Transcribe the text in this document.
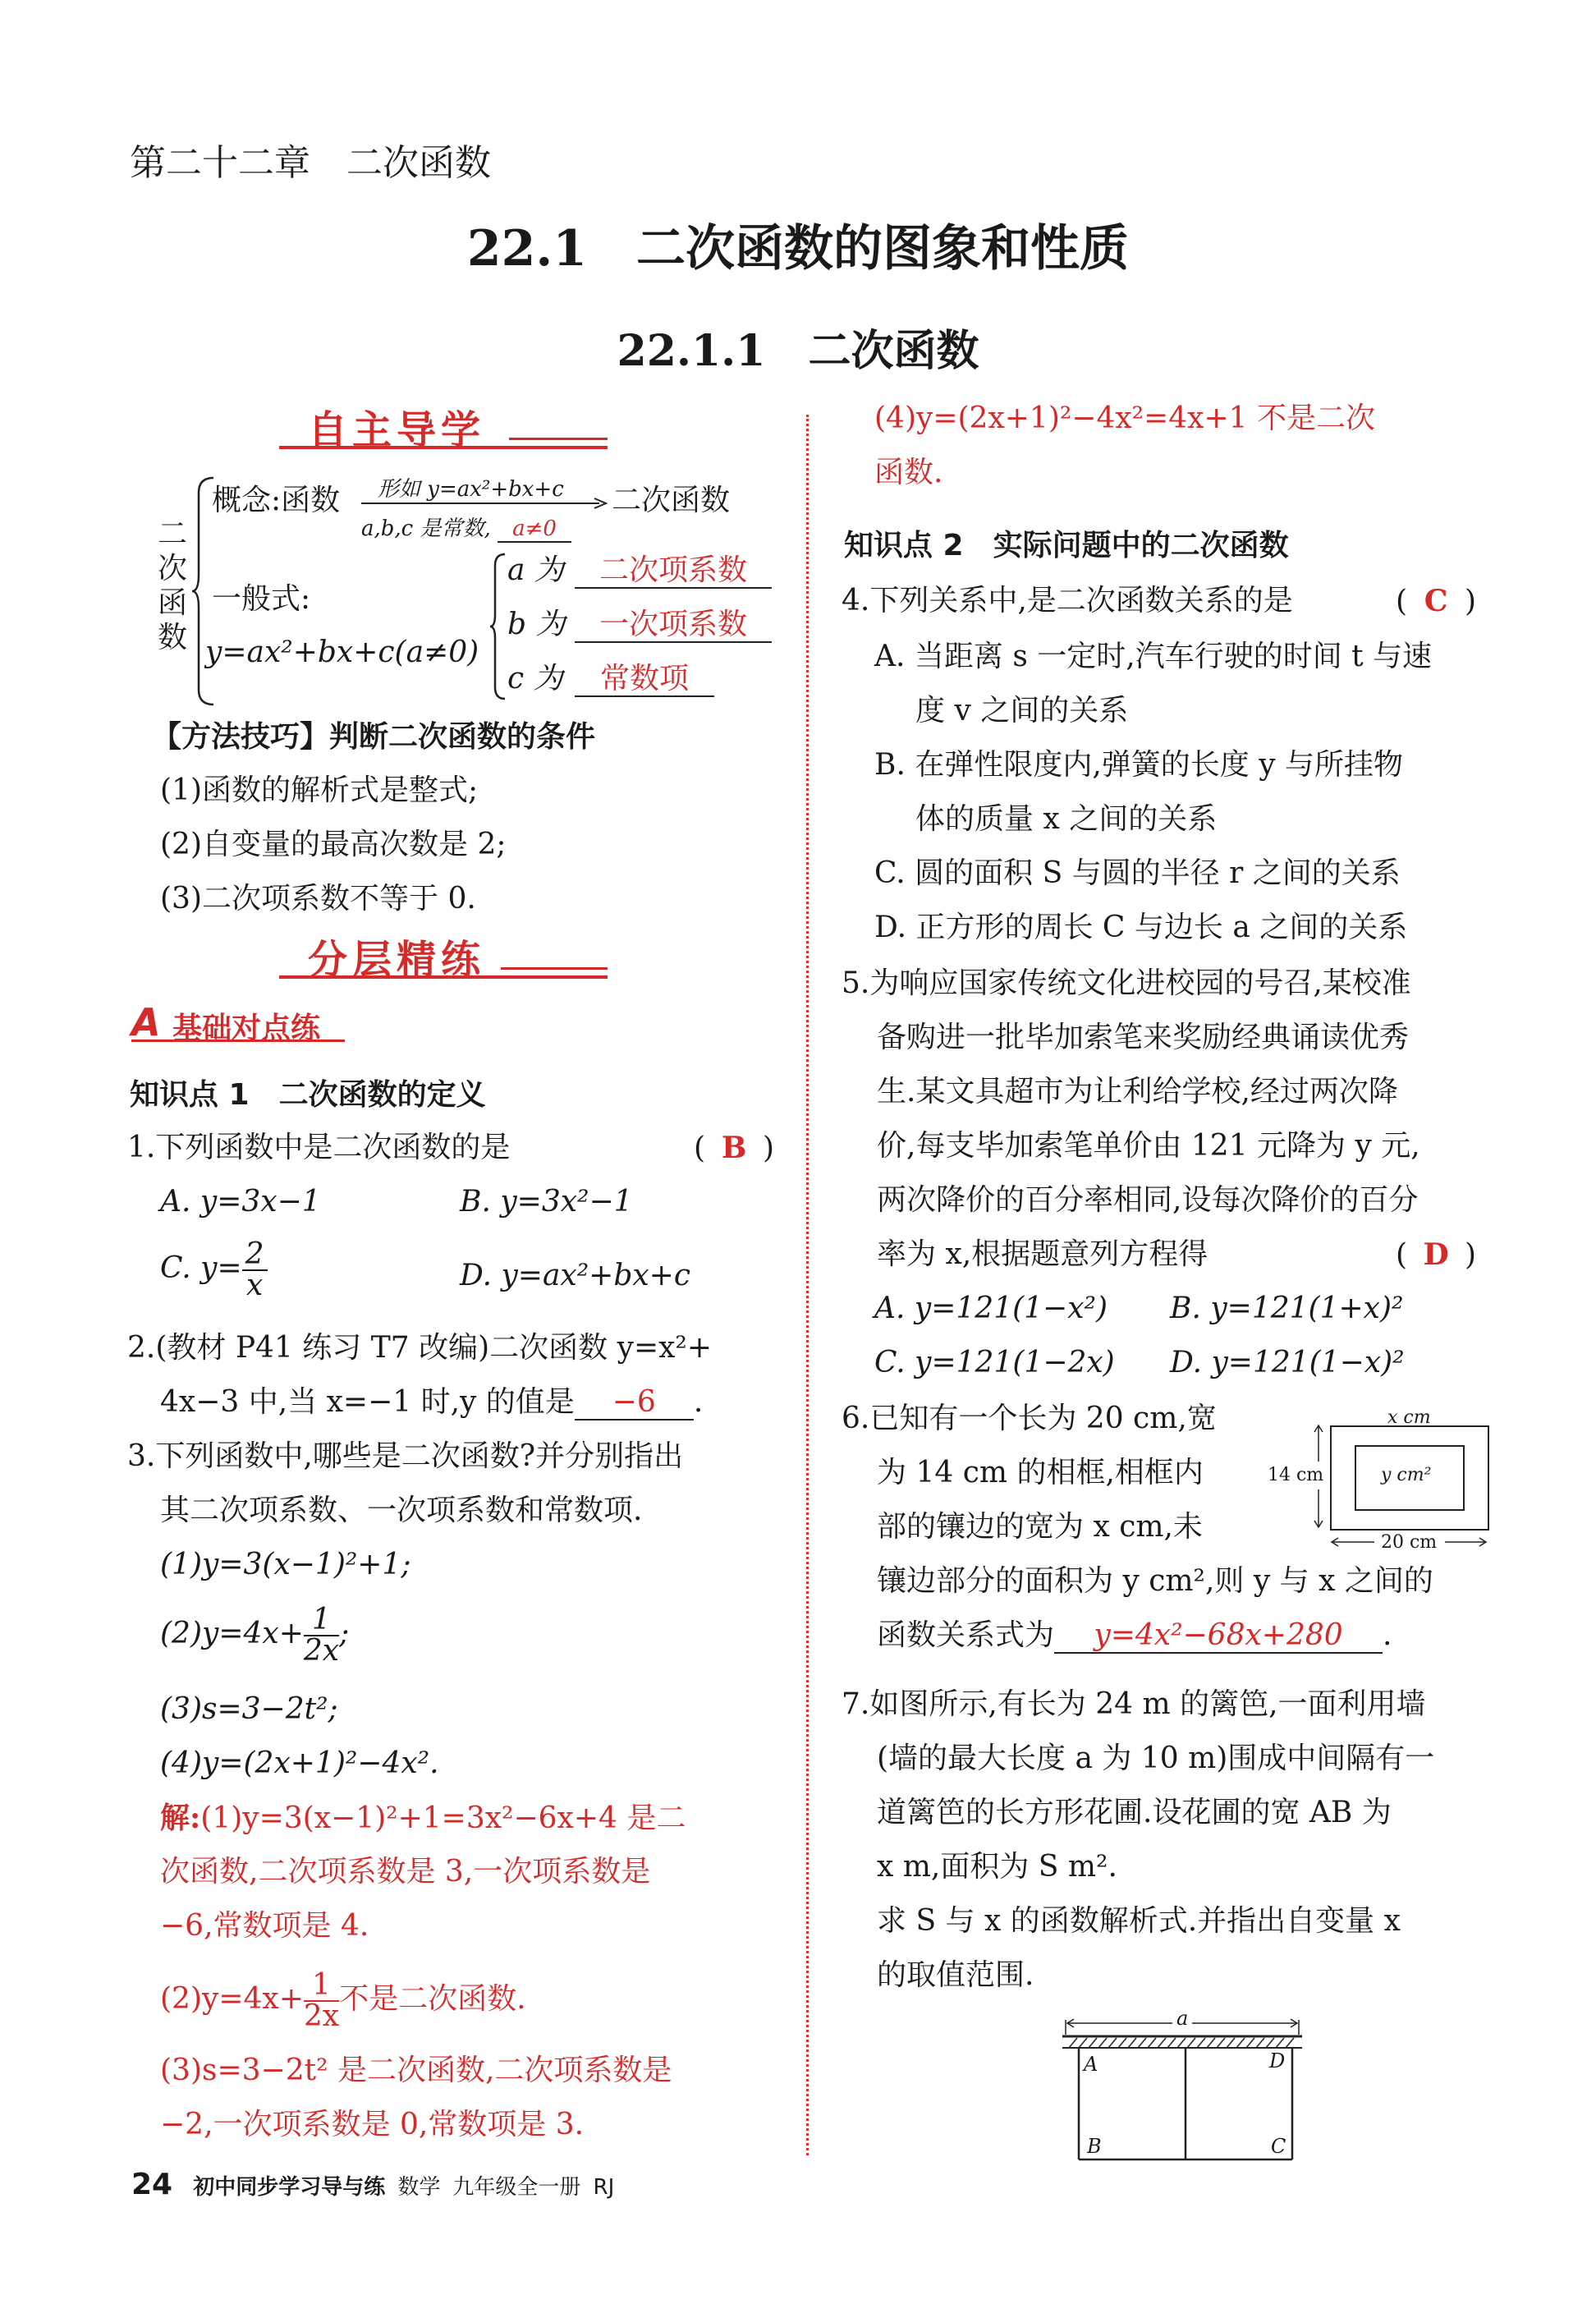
第二十二章　二次函数
22.1　二次函数的图象和性质
22.1.1　二次函数
自主导学
二次函数
概念:函数 形如 y=ax²+bx+c
a,b,c 是常数, a≠0
二次函数
一般式:
y=ax²+bx+c(a≠0)
a 为	二次项系数
b 为	一次项系数
c 为	常数项
【方法技巧】判断二次函数的条件
(1)函数的解析式是整式;
(2)自变量的最高次数是 2;
(3)二次项系数不等于 0.
分层精练
A 基础对点练
知识点 1　二次函数的定义
1.下列函数中是二次函数的是	( B )
A. y=3x−1	B. y=3x²−1
C. $y= \frac{2}{x}$	D. y=ax²+bx+c
2.(教材 P41 练习 T7 改编)二次函数 y=x²+
4x−3 中,当 x=−1 时,y 的值是 −6 .
3.下列函数中,哪些是二次函数?并分别指出
其二次项系数、一次项系数和常数项.
(1)y=3(x−1)²+1;
$(2)y=4x+ \frac{1}{2x}$ ;
(3)s=3−2t²;
(4)y=(2x+1)²−4x².
解:(1)y=3(x−1)²+1=3x²−6x+4 是二
次函数,二次项系数是 3,一次项系数是
−6,常数项是 4.
$(2)y=4x+ \frac{1}{2x}$ 不是二次函数.
(3)s=3−2t² 是二次函数,二次项系数是
−2,一次项系数是 0,常数项是 3.
(4)y=(2x+1)²−4x²=4x+1 不是二次
函数.
知识点 2　实际问题中的二次函数
4.下列关系中,是二次函数关系的是	( C )
A. 当距离 s 一定时,汽车行驶的时间 t 与速
度 v 之间的关系
B. 在弹性限度内,弹簧的长度 y 与所挂物
体的质量 x 之间的关系
C. 圆的面积 S 与圆的半径 r 之间的关系
D. 正方形的周长 C 与边长 a 之间的关系
5.为响应国家传统文化进校园的号召,某校准
备购进一批毕加索笔来奖励经典诵读优秀
生.某文具超市为让利给学校,经过两次降
价,每支毕加索笔单价由 121 元降为 y 元,
两次降价的百分率相同,设每次降价的百分
率为 x,根据题意列方程得	( D )
A. y=121(1−x²) B. y=121(1+x)²
C. y=121(1−2x) D. y=121(1−x)²
6.已知有一个长为 20 cm,宽
为 14 cm 的相框,相框内
部的镶边的宽为 x cm,未
镶边部分的面积为 y cm²,则 y 与 x 之间的
函数关系式为 y=4x²−68x+280 .
x cm
14 cm	y cm²
20 cm
7.如图所示,有长为 24 m 的篱笆,一面利用墙
(墙的最大长度 a 为 10 m)围成中间隔有一
道篱笆的长方形花圃.设花圃的宽 AB 为
x m,面积为 S m².
求 S 与 x 的函数解析式.并指出自变量 x
的取值范围.
a
A	D
B	C
24 初中同步学习导与练 数学 九年级全一册 RJ
